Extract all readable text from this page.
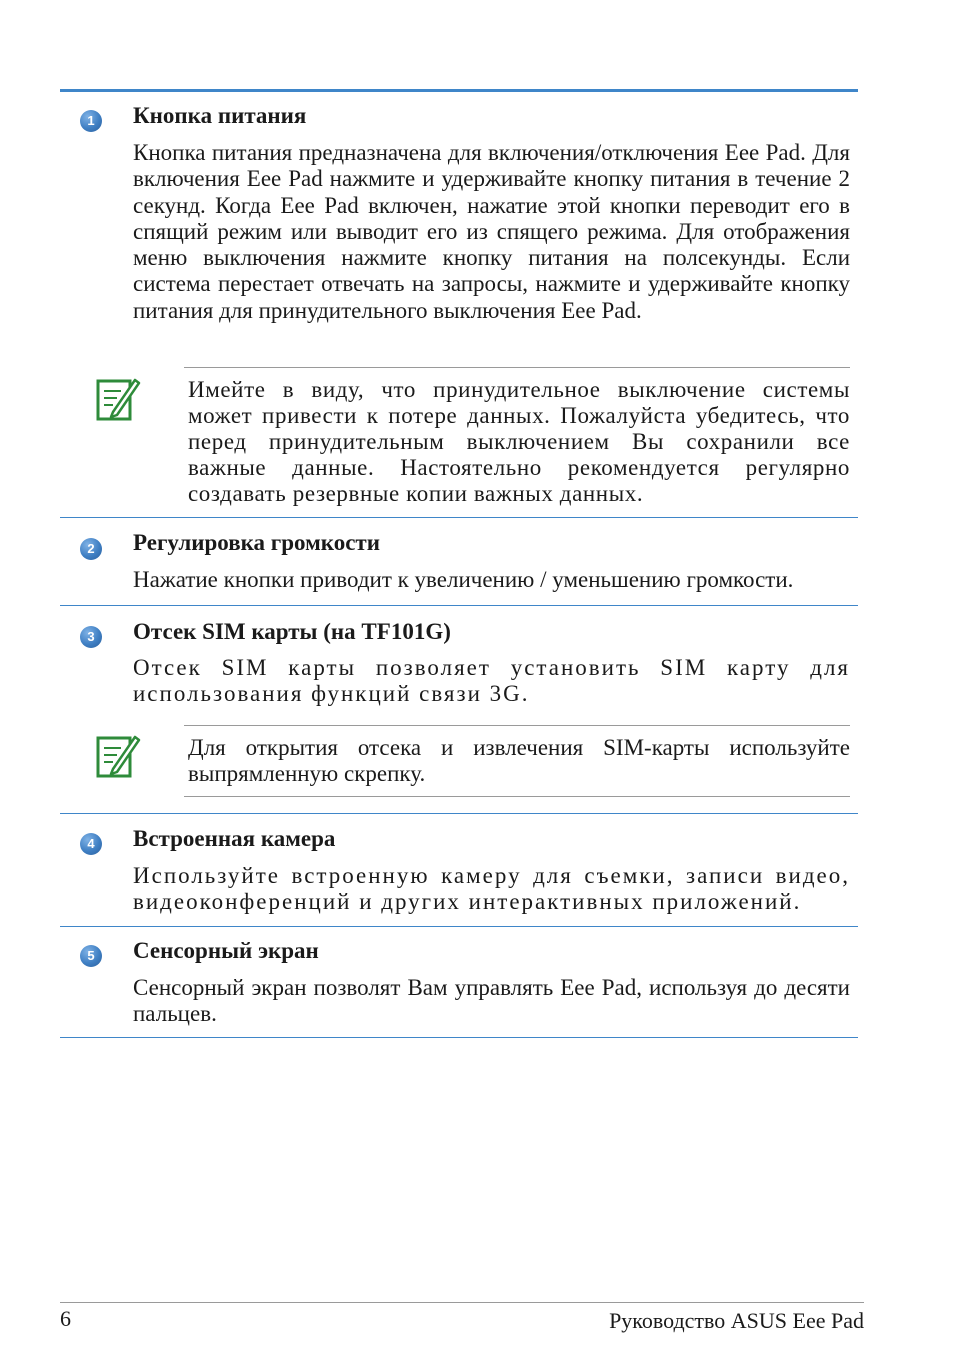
1	Кнопка питания

Кнопка питания предназначена для включения/отключения Eee Pad. Для включения Eee Pad нажмите и удерживайте кнопку питания в течение 2 секунд. Когда Eee Pad включен, нажатие этой кнопки переводит его в спящий режим или выводит его из спящего режима. Для отображения меню выключения нажмите кнопку питания на полсекунды. Если система перестает отвечать на запросы, нажмите и удерживайте кнопку питания для принудительного выключения Eee Pad.

Имейте в виду, что принудительное выключение системы может привести к потере данных. Пожалуйста убедитесь, что перед принудительным выключением Вы сохранили все важные данные. Настоятельно рекомендуется регулярно создавать резервные копии важных данных.

2	Регулировка громкости

Нажатие кнопки приводит к увеличению / уменьшению громкости.

3	Отсек SIM карты (на TF101G)

Отсек SIM карты позволяет установить SIM карту для использования функций связи 3G.

Для открытия отсека и извлечения SIM-карты используйте выпрямленную скрепку.

4	Встроенная камера

Используйте встроенную камеру для съемки, записи видео, видеоконференций и других интерактивных приложений.

5	Сенсорный экран

Сенсорный экран позволят Вам управлять Eee Pad, используя до десяти пальцев.

6	Руководство ASUS Eee Pad
